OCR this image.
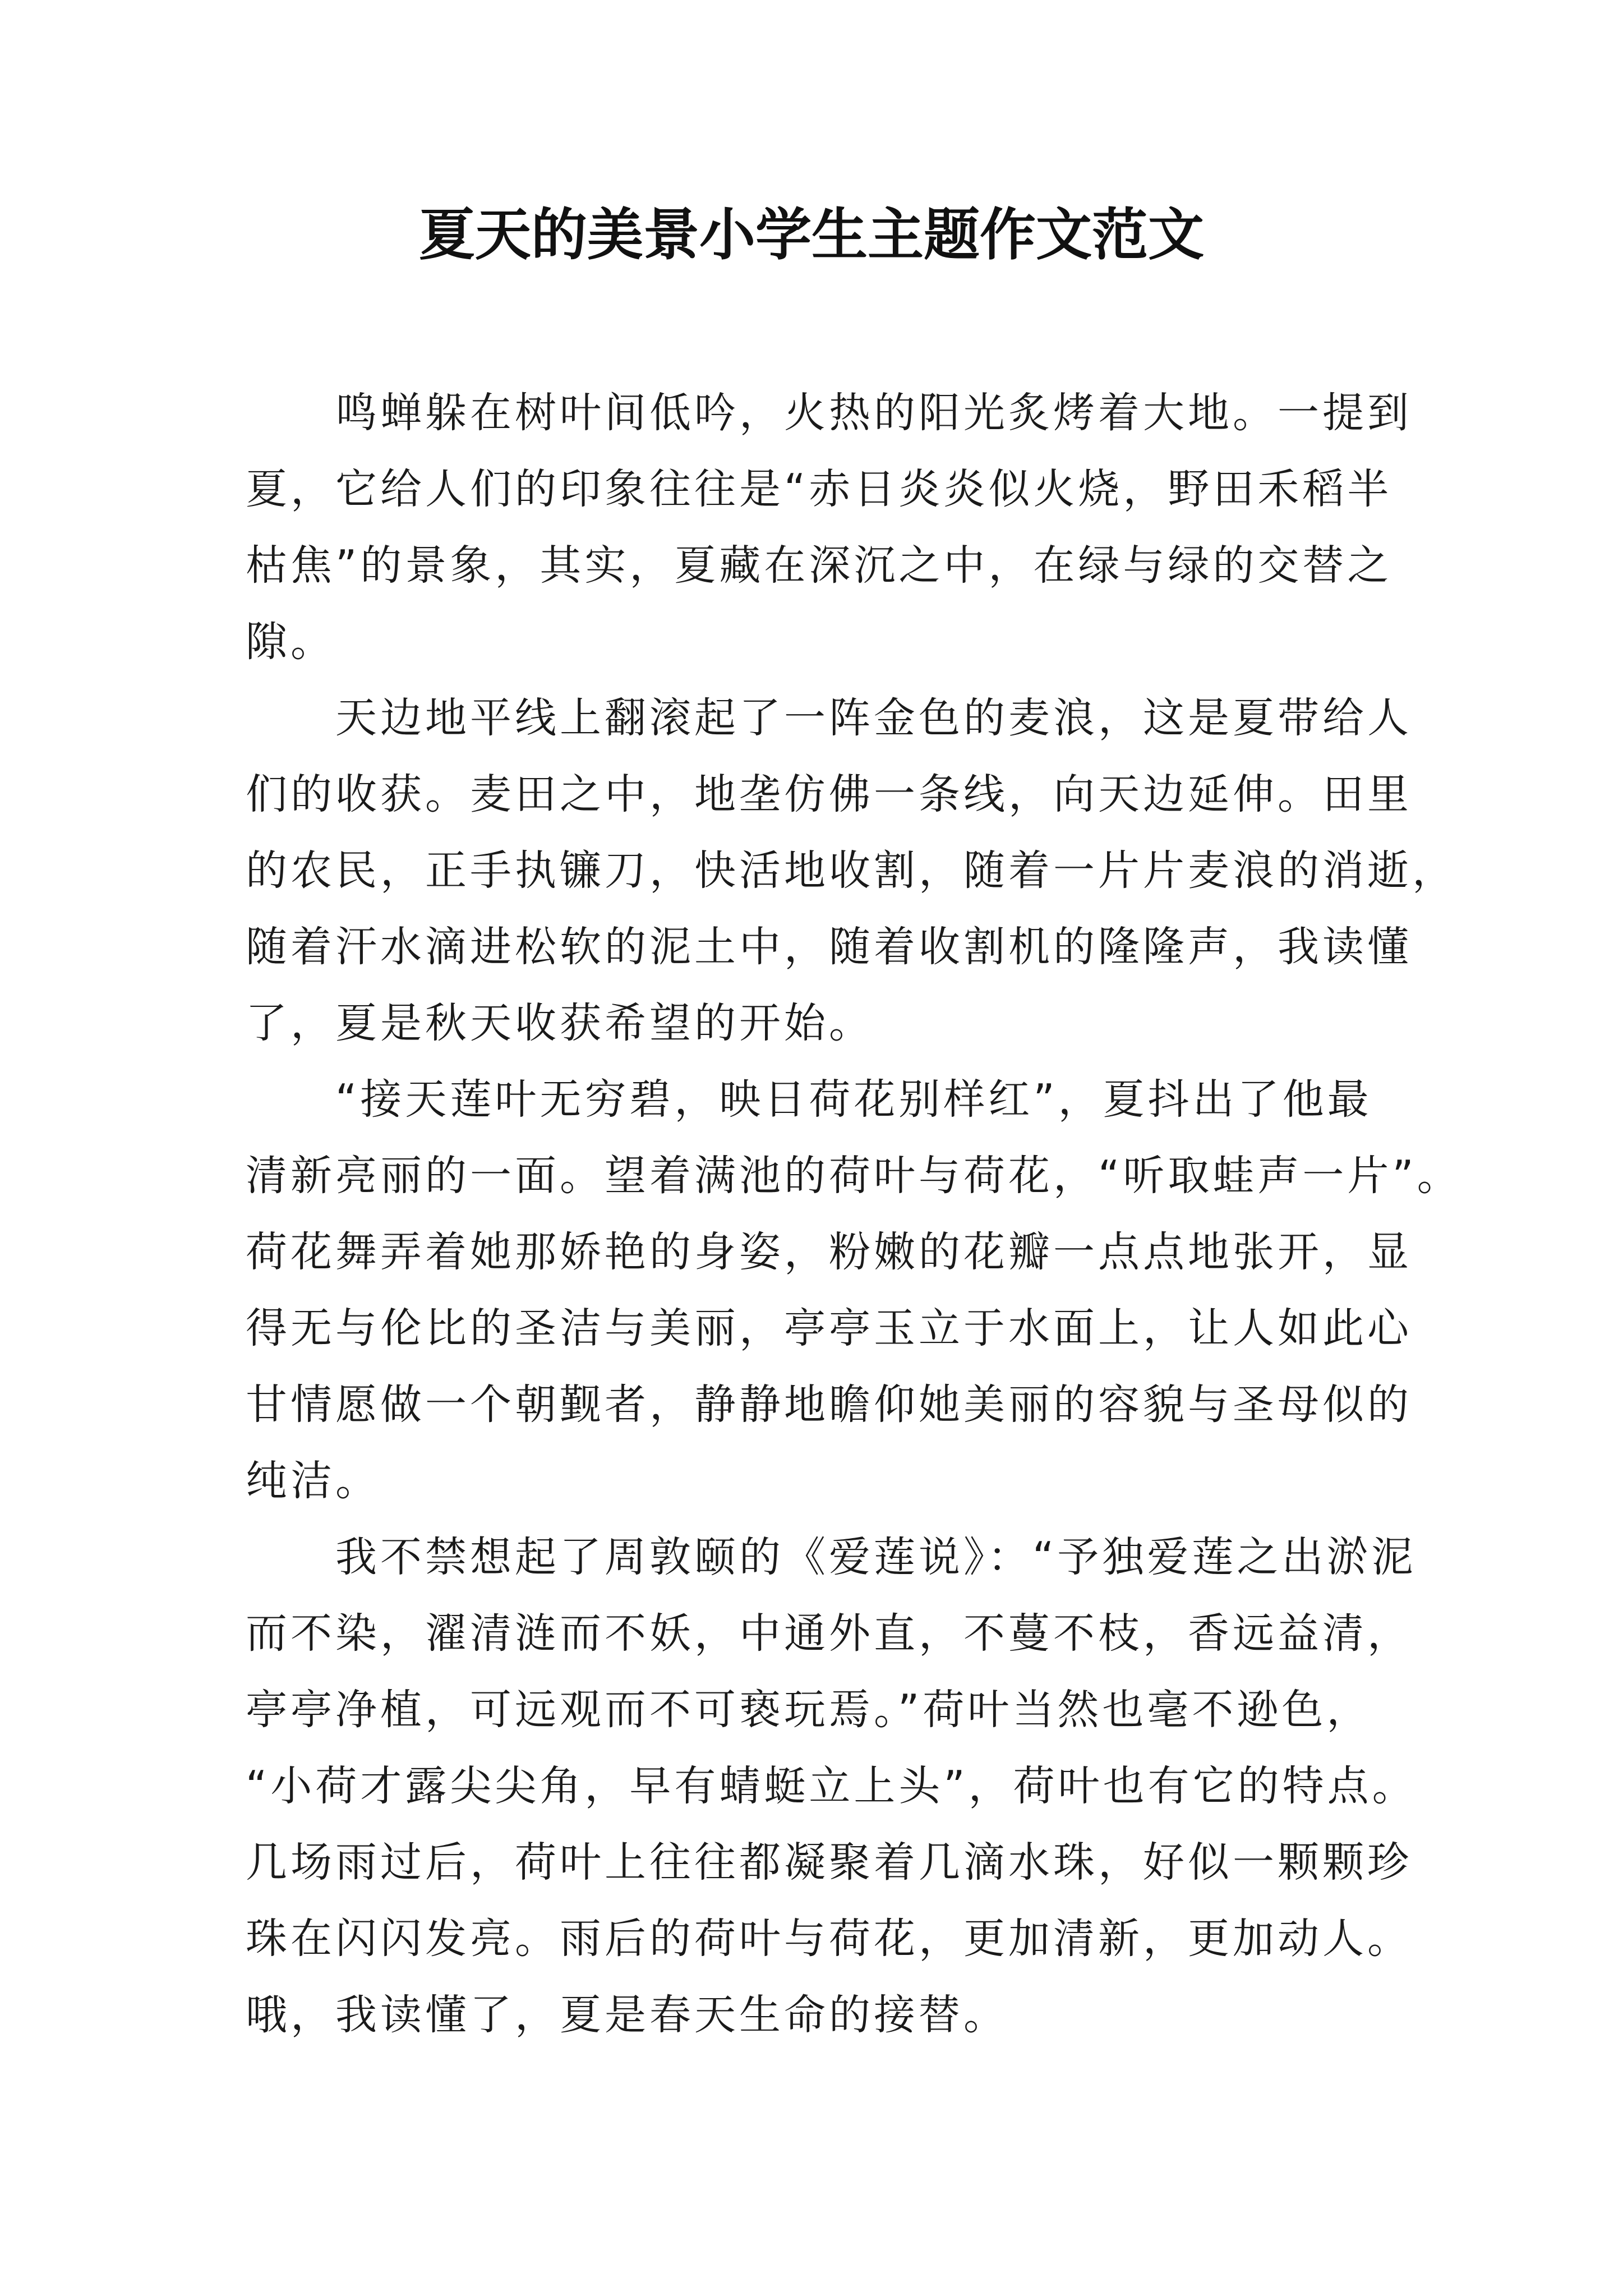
夏天的美景小学生主题作文范文
鸣蝉躲在树叶间低吟，火热的阳光炙烤着大地。一提到
夏，它给人们的印象往往是“赤日炎炎似火烧，野田禾稻半
枯焦”的景象，其实，夏藏在深沉之中，在绿与绿的交替之
隙。
天边地平线上翻滚起了一阵金色的麦浪，这是夏带给人
们的收获。麦田之中，地垄仿佛一条线，向天边延伸。田里
的农民，正手执镰刀，快活地收割，随着一片片麦浪的消逝，
随着汗水滴进松软的泥土中，随着收割机的隆隆声，我读懂
了，夏是秋天收获希望的开始。
“接天莲叶无穷碧，映日荷花别样红”，夏抖出了他最
清新亮丽的一面。望着满池的荷叶与荷花，“听取蛙声一片”。
荷花舞弄着她那娇艳的身姿，粉嫩的花瓣一点点地张开，显
得无与伦比的圣洁与美丽，亭亭玉立于水面上，让人如此心
甘情愿做一个朝觐者，静静地瞻仰她美丽的容貌与圣母似的
纯洁。
我不禁想起了周敦颐的《爱莲说》：“予独爱莲之出淤泥
而不染，濯清涟而不妖，中通外直，不蔓不枝，香远益清，
亭亭净植，可远观而不可亵玩焉。”荷叶当然也毫不逊色，
“小荷才露尖尖角，早有蜻蜓立上头”，荷叶也有它的特点。
几场雨过后，荷叶上往往都凝聚着几滴水珠，好似一颗颗珍
珠在闪闪发亮。雨后的荷叶与荷花，更加清新，更加动人。
哦，我读懂了，夏是春天生命的接替。
